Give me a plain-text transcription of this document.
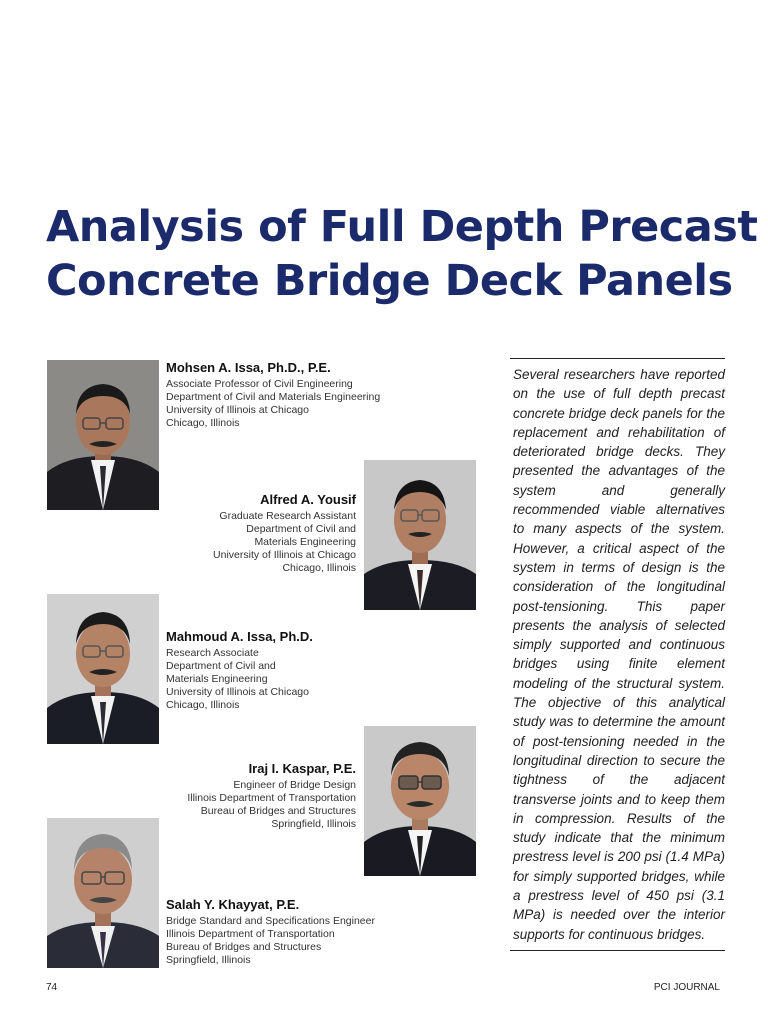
Analysis of Full Depth Precast
Concrete Bridge Deck Panels
Mohsen A. Issa, Ph.D., P.E.
Associate Professor of Civil Engineering
Department of Civil and Materials Engineering
University of Illinois at Chicago
Chicago, Illinois
Alfred A. Yousif
Graduate Research Assistant
Department of Civil and
Materials Engineering
University of Illinois at Chicago
Chicago, Illinois
Mahmoud A. Issa, Ph.D.
Research Associate
Department of Civil and
Materials Engineering
University of Illinois at Chicago
Chicago, Illinois
Iraj I. Kaspar, P.E.
Engineer of Bridge Design
Illinois Department of Transportation
Bureau of Bridges and Structures
Springfield, Illinois
Salah Y. Khayyat, P.E.
Bridge Standard and Specifications Engineer
Illinois Department of Transportation
Bureau of Bridges and Structures
Springfield, Illinois
Several researchers have reported on the use of full depth precast concrete bridge deck panels for the replacement and rehabilitation of deteriorated bridge decks. They presented the advantages of the system and generally recommended viable alternatives to many aspects of the system. However, a critical aspect of the system in terms of design is the consideration of the longitudinal post-tensioning. This paper presents the analysis of selected simply supported and continuous bridges using finite element modeling of the structural system. The objective of this analytical study was to determine the amount of post-tensioning needed in the longitudinal direction to secure the tightness of the adjacent transverse joints and to keep them in compression. Results of the study indicate that the minimum prestress level is 200 psi (1.4 MPa) for simply supported bridges, while a prestress level of 450 psi (3.1 MPa) is needed over the interior supports for continuous bridges.
74	PCI JOURNAL
